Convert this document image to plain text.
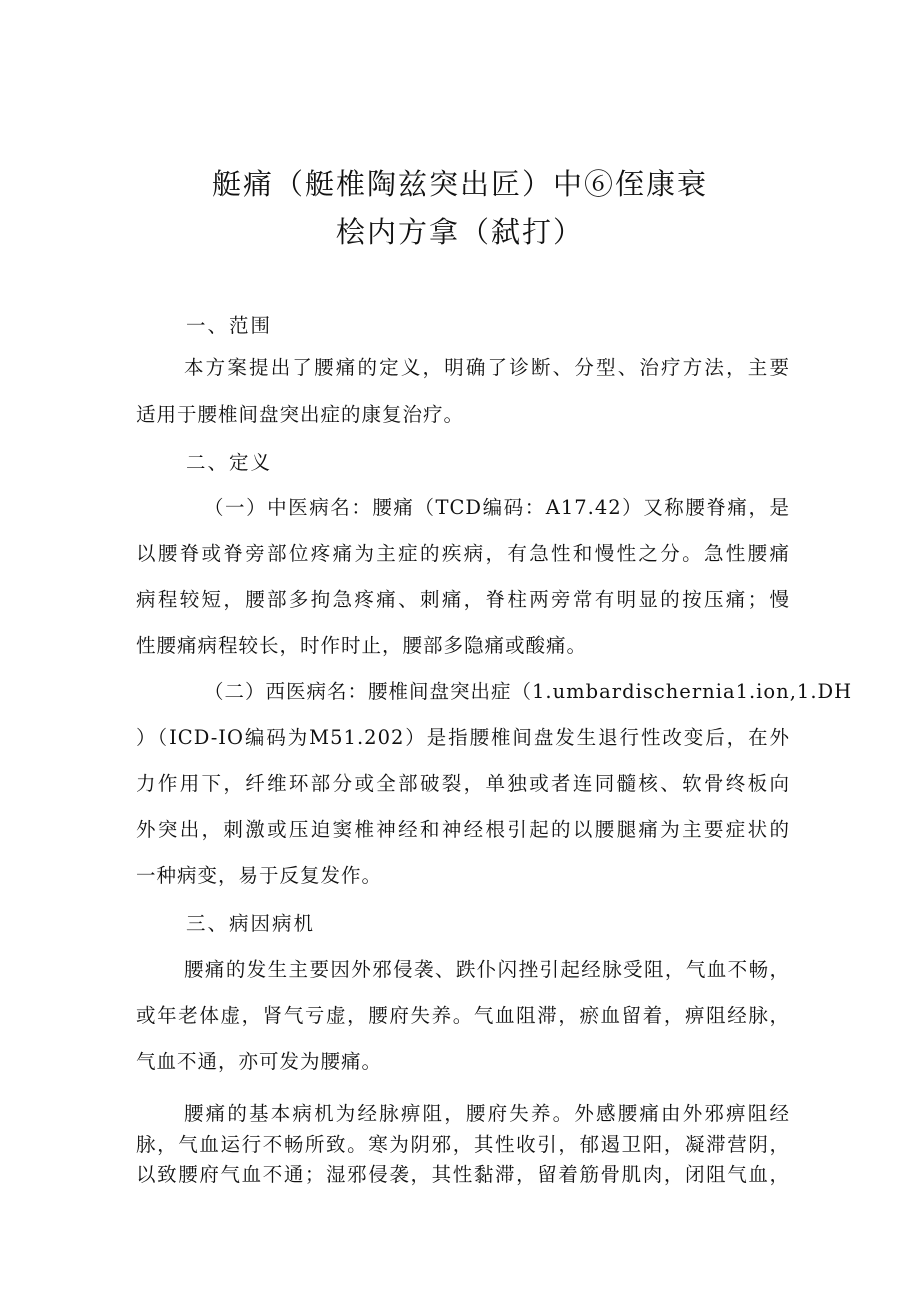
艇痛（艇椎陶兹突出匠）中⑥侄康衰
桧内方拿（弑打）
一、范围
本方案提出了腰痛的定义，明确了诊断、分型、治疗方法，主要
适用于腰椎间盘突出症的康复治疗。
二、定义
（一）中医病名：腰痛（TCD编码：A17.42）又称腰脊痛，是
以腰脊或脊旁部位疼痛为主症的疾病，有急性和慢性之分。急性腰痛
病程较短，腰部多拘急疼痛、刺痛，脊柱两旁常有明显的按压痛；慢
性腰痛病程较长，时作时止，腰部多隐痛或酸痛。
（二）西医病名：腰椎间盘突出症（1.umbardischernia1.ion,1.DH
）（ICD-IO编码为M51.202）是指腰椎间盘发生退行性改变后，在外
力作用下，纤维环部分或全部破裂，单独或者连同髓核、软骨终板向
外突出，刺激或压迫窦椎神经和神经根引起的以腰腿痛为主要症状的
一种病变，易于反复发作。
三、病因病机
腰痛的发生主要因外邪侵袭、跌仆闪挫引起经脉受阻，气血不畅，
或年老体虚，肾气亏虚，腰府失养。气血阻滞，瘀血留着，痹阻经脉，
气血不通，亦可发为腰痛。
腰痛的基本病机为经脉痹阻，腰府失养。外感腰痛由外邪痹阻经
脉，气血运行不畅所致。寒为阴邪，其性收引，郁遏卫阳，凝滞营阴，
以致腰府气血不通；湿邪侵袭，其性黏滞，留着筋骨肌肉，闭阻气血，
